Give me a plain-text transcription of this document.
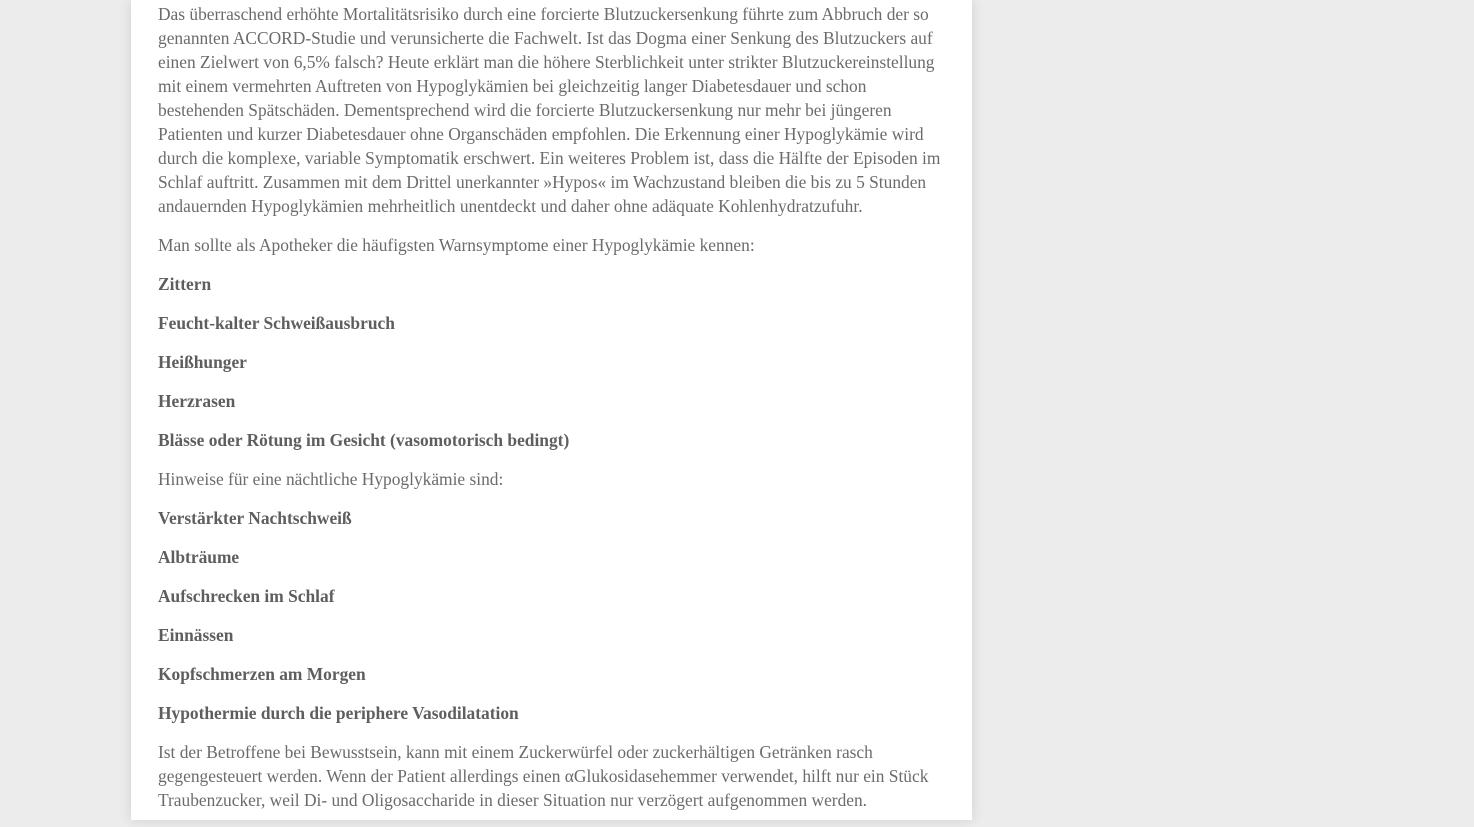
Das überraschend erhöhte Mortalitätsrisiko durch eine forcierte Blutzuckersenkung führte zum Abbruch der so genannten ACCORD-Studie und verunsicherte die Fachwelt. Ist das Dogma einer Senkung des Blutzuckers auf einen Zielwert von 6,5% falsch? Heute erklärt man die höhere Sterblichkeit unter strikter Blutzuckereinstellung mit einem vermehrten Auftreten von Hypoglykämien bei gleichzeitig langer Diabetesdauer und schon bestehenden Spätschäden. Dementsprechend wird die forcierte Blutzuckersenkung nur mehr bei jüngeren Patienten und kurzer Diabetesdauer ohne Organschäden empfohlen. Die Erkennung einer Hypoglykämie wird durch die komplexe, variable Symptomatik erschwert. Ein weiteres Problem ist, dass die Hälfte der Episoden im Schlaf auftritt. Zusammen mit dem Drittel unerkannter »Hypos« im Wachzustand bleiben die bis zu 5 Stunden andauernden Hypoglykämien mehrheitlich unentdeckt und daher ohne adäquate Kohlenhydratzufuhr.

Man sollte als Apotheker die häufigsten Warnsymptome einer Hypoglykämie kennen:

Zittern

Feucht-kalter Schweißausbruch

Heißhunger

Herzrasen

Blässe oder Rötung im Gesicht (vasomotorisch bedingt)

Hinweise für eine nächtliche Hypoglykämie sind:

Verstärkter Nachtschweiß

Albträume

Aufschrecken im Schlaf

Einnässen

Kopfschmerzen am Morgen

Hypothermie durch die periphere Vasodilatation

Ist der Betroffene bei Bewusstsein, kann mit einem Zuckerwürfel oder zuckerhältigen Getränken rasch gegengesteuert werden. Wenn der Patient allerdings einen αGlukosidasehemmer verwendet, hilft nur ein Stück Traubenzucker, weil Di- und Oligosaccharide in dieser Situation nur verzögert aufgenommen werden.
